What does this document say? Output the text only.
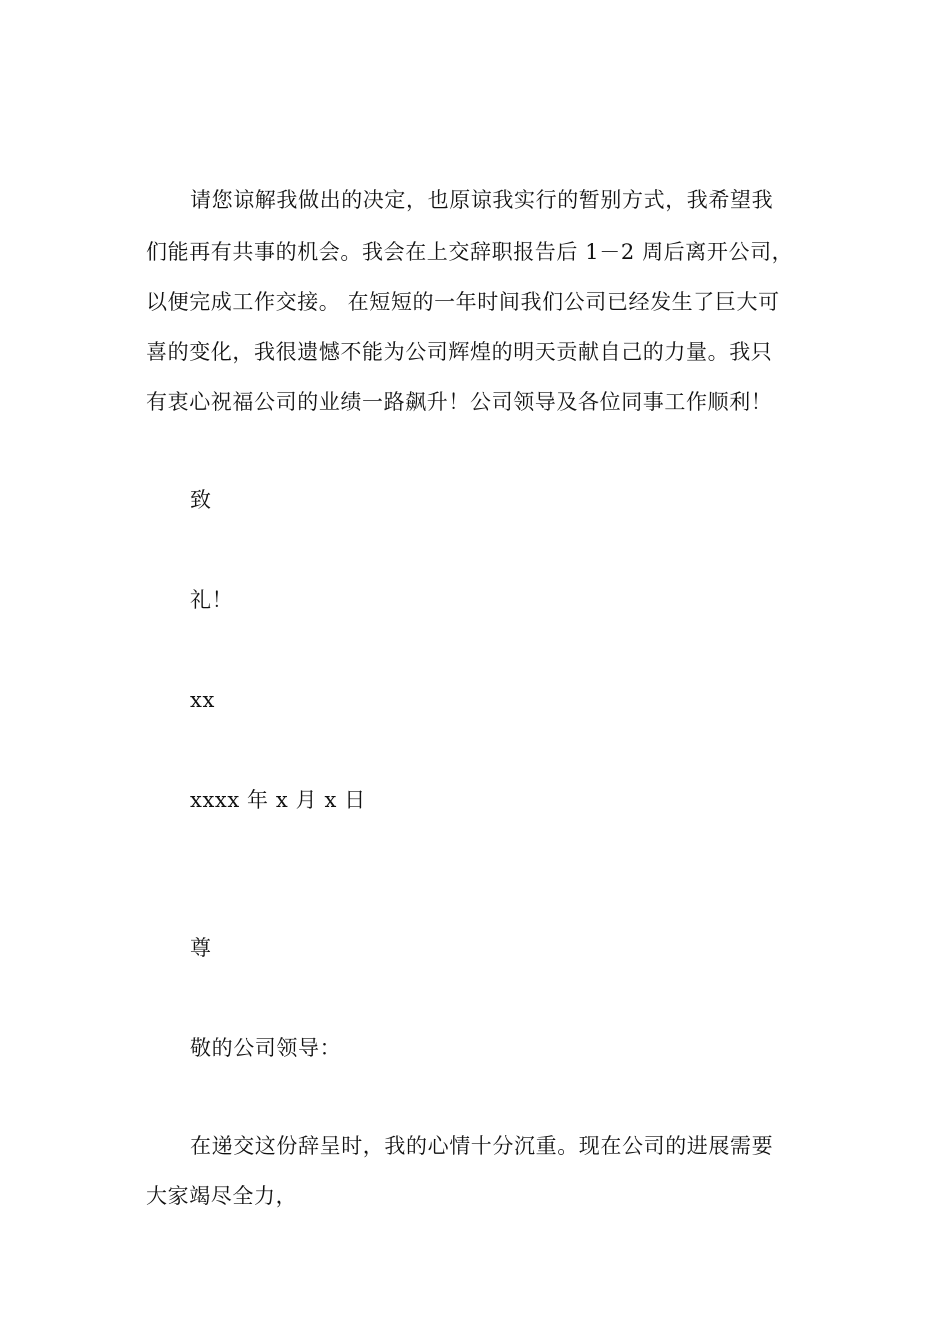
请您谅解我做出的决定，也原谅我实行的暂别方式，我希望我
们能再有共事的机会。我会在上交辞职报告后 1－2 周后离开公司，
以便完成工作交接。 在短短的一年时间我们公司已经发生了巨大可
喜的变化，我很遗憾不能为公司辉煌的明天贡献自己的力量。我只
有衷心祝福公司的业绩一路飙升！公司领导及各位同事工作顺利！
致
礼！
xx
xxxx 年 x 月 x 日
尊
敬的公司领导：
在递交这份辞呈时，我的心情十分沉重。现在公司的进展需要
大家竭尽全力，
